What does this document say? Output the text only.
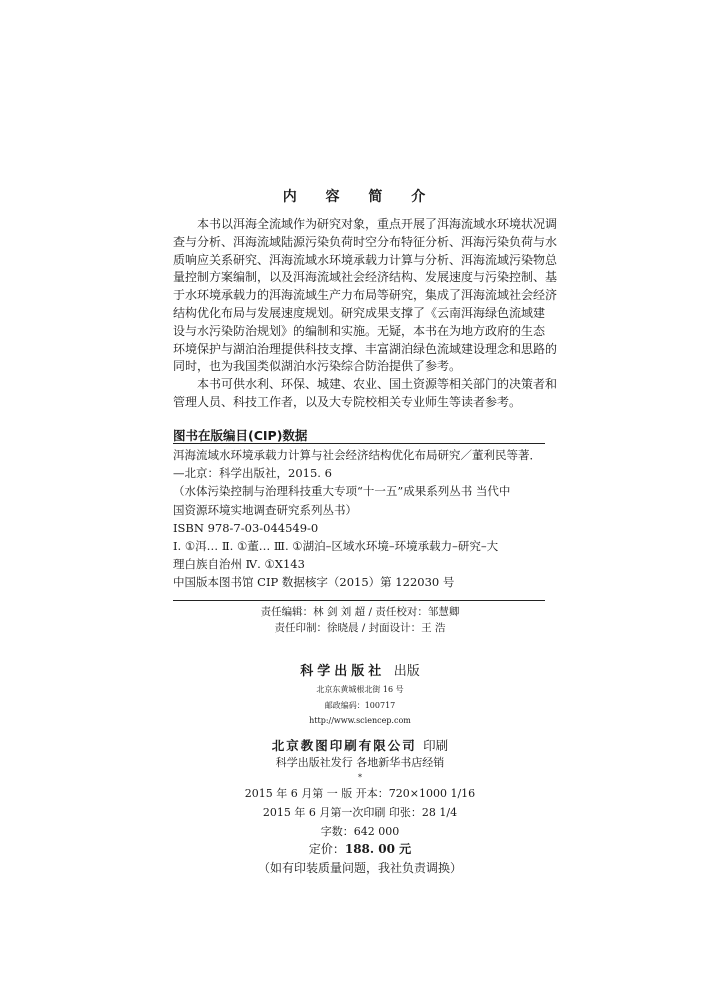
内 容 简 介
本书以洱海全流域作为研究对象，重点开展了洱海流域水环境状况调
查与分析、洱海流域陆源污染负荷时空分布特征分析、洱海污染负荷与水
质响应关系研究、洱海流域水环境承载力计算与分析、洱海流域污染物总
量控制方案编制，以及洱海流域社会经济结构、发展速度与污染控制、基
于水环境承载力的洱海流域生产力布局等研究，集成了洱海流域社会经济
结构优化布局与发展速度规划。研究成果支撑了《云南洱海绿色流域建
设与水污染防治规划》的编制和实施。无疑，本书在为地方政府的生态
环境保护与湖泊治理提供科技支撑、丰富湖泊绿色流域建设理念和思路的
同时，也为我国类似湖泊水污染综合防治提供了参考。
本书可供水利、环保、城建、农业、国土资源等相关部门的决策者和
管理人员、科技工作者，以及大专院校相关专业师生等读者参考。
图书在版编目(CIP)数据
洱海流域水环境承载力计算与社会经济结构优化布局研究／董利民等著．
—北京：科学出版社，2015. 6
（水体污染控制与治理科技重大专项“十一五”成果系列丛书 当代中
国资源环境实地调查研究系列丛书）
ISBN 978-7-03-044549-0
Ⅰ. ①洱… Ⅱ. ①董… Ⅲ. ①湖泊–区域水环境–环境承载力–研究–大
理白族自治州 Ⅳ. ①X143
中国版本图书馆 CIP 数据核字（2015）第 122030 号
责任编辑：林 剑 刘 超 / 责任校对：邹慧卿
责任印制：徐晓晨 / 封面设计：王 浩
科学出版社 出版
北京东黄城根北街 16 号
邮政编码：100717
http://www.sciencep.com
北京教图印刷有限公司 印刷
科学出版社发行 各地新华书店经销
*
2015 年 6 月第 一 版 开本：720×1000 1/16
2015 年 6 月第一次印刷 印张：28 1/4
字数：642 000
定价：188. 00 元
（如有印装质量问题，我社负责调换）
